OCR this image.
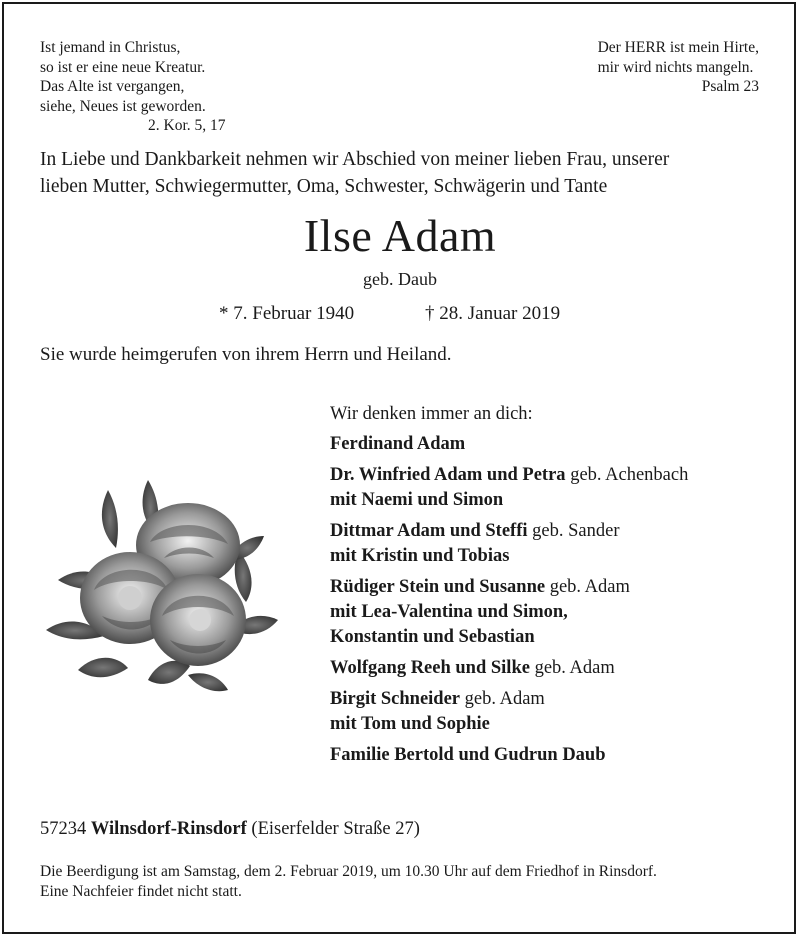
Ist jemand in Christus,
so ist er eine neue Kreatur.
Das Alte ist vergangen,
siehe, Neues ist geworden.
2. Kor. 5, 17
Der HERR ist mein Hirte,
mir wird nichts mangeln.
Psalm 23
In Liebe und Dankbarkeit nehmen wir Abschied von meiner lieben Frau, unserer
lieben Mutter, Schwiegermutter, Oma, Schwester, Schwägerin und Tante
Ilse Adam
geb. Daub
* 7. Februar 1940	† 28. Januar 2019
Sie wurde heimgerufen von ihrem Herrn und Heiland.
Wir denken immer an dich:
Ferdinand Adam
Dr. Winfried Adam und Petra geb. Achenbach
mit Naemi und Simon
Dittmar Adam und Steffi geb. Sander
mit Kristin und Tobias
Rüdiger Stein und Susanne geb. Adam
mit Lea-Valentina und Simon,
Konstantin und Sebastian
Wolfgang Reeh und Silke geb. Adam
Birgit Schneider geb. Adam
mit Tom und Sophie
Familie Bertold und Gudrun Daub
57234 Wilnsdorf-Rinsdorf (Eiserfelder Straße 27)
Die Beerdigung ist am Samstag, dem 2. Februar 2019, um 10.30 Uhr auf dem Friedhof in Rinsdorf.
Eine Nachfeier findet nicht statt.
